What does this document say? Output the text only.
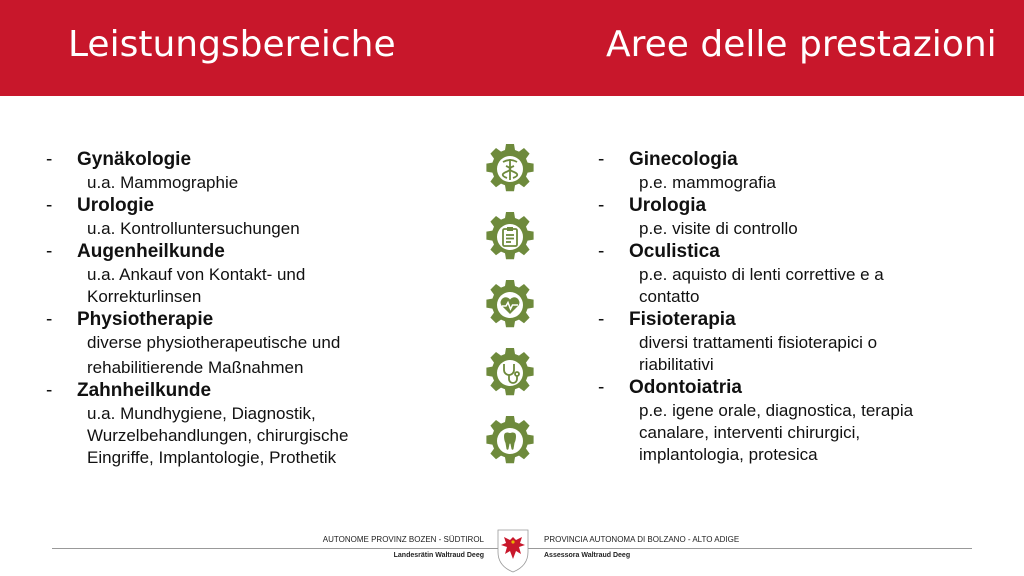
Leistungsbereiche	Aree delle prestazioni
-	Gynäkologie
u.a. Mammographie
-	Urologie
u.a. Kontrolluntersuchungen
-	Augenheilkunde
u.a. Ankauf von Kontakt- und
Korrekturlinsen
-	Physiotherapie
diverse physiotherapeutische und
rehabilitierende Maßnahmen
-	Zahnheilkunde
u.a. Mundhygiene, Diagnostik,
Wurzelbehandlungen, chirurgische
Eingriffe, Implantologie, Prothetik
-	Ginecologia
p.e. mammografia
-	Urologia
p.e. visite di controllo
-	Oculistica
p.e. aquisto di lenti correttive e a
contatto
-	Fisioterapia
diversi trattamenti fisioterapici o
riabilitativi
-	Odontoiatria
p.e. igene orale, diagnostica, terapia
canalare, interventi chirurgici,
implantologia, protesica
AUTONOME PROVINZ BOZEN - SÜDTIROL
Landesrätin Waltraud Deeg
PROVINCIA AUTONOMA DI BOLZANO - ALTO ADIGE
Assessora Waltraud Deeg
